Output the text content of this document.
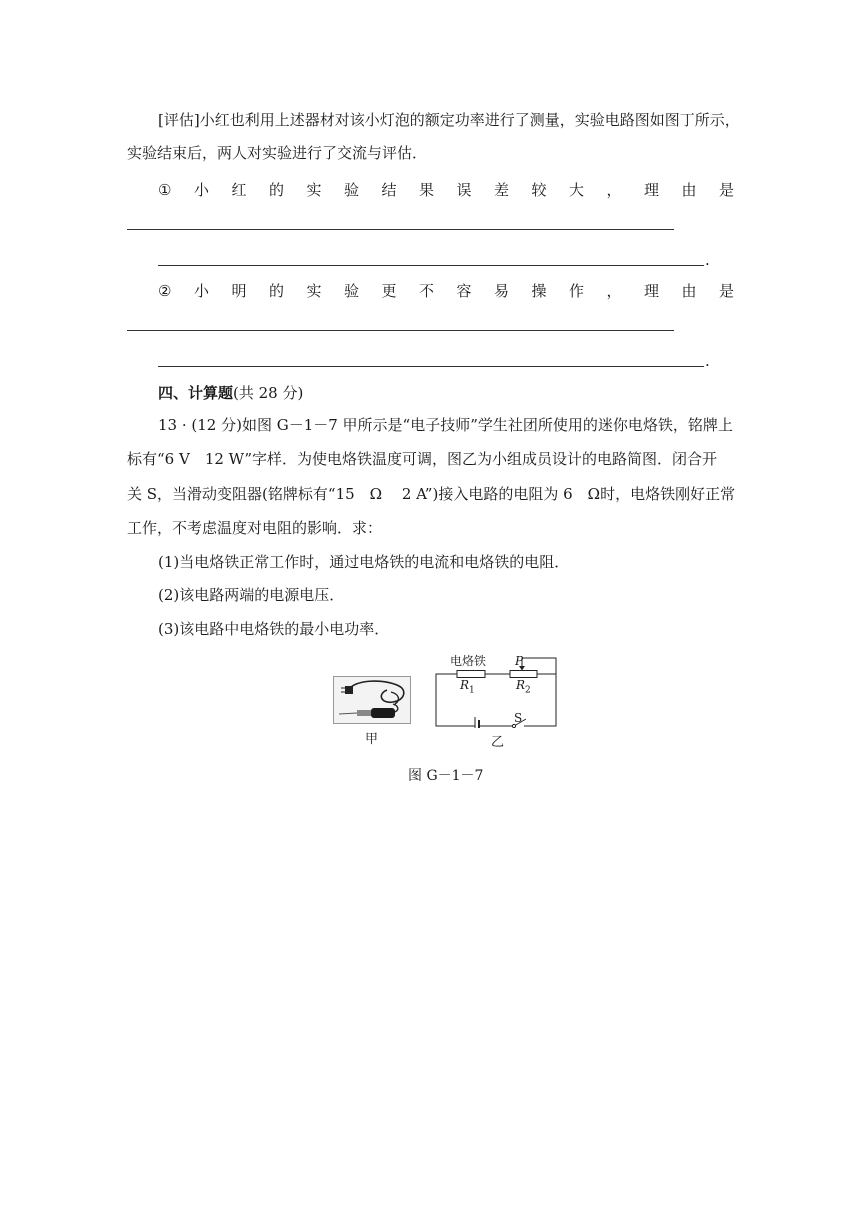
[评估]小红也利用上述器材对该小灯泡的额定功率进行了测量，实验电路图如图丁所示，
实验结束后，两人对实验进行了交流与评估．
① 小 红 的 实 验 结 果 误 差 较 大 ， 理 由 是
.
② 小 明 的 实 验 更 不 容 易 操 作 ， 理 由 是
.
四、计算题(共 28 分)
13 · (12 分)如图 G－1－7 甲所示是“电子技师”学生社团所使用的迷你电烙铁，铭牌上
标有“6 V　12 W”字样．为使电烙铁温度可调，图乙为小组成员设计的电路简图．闭合开
关 S，当滑动变阻器(铭牌标有“15　Ω　 2 A”)接入电路的电阻为 6　Ω时，电烙铁刚好正常
工作，不考虑温度对电阻的影响．求：
(1)当电烙铁正常工作时，通过电烙铁的电流和电烙铁的电阻．
(2)该电路两端的电源电压．
(3)该电路中电烙铁的最小电功率．
甲
电烙铁
$R_1$	$R_2$
P
S
乙
图 G－1－7
